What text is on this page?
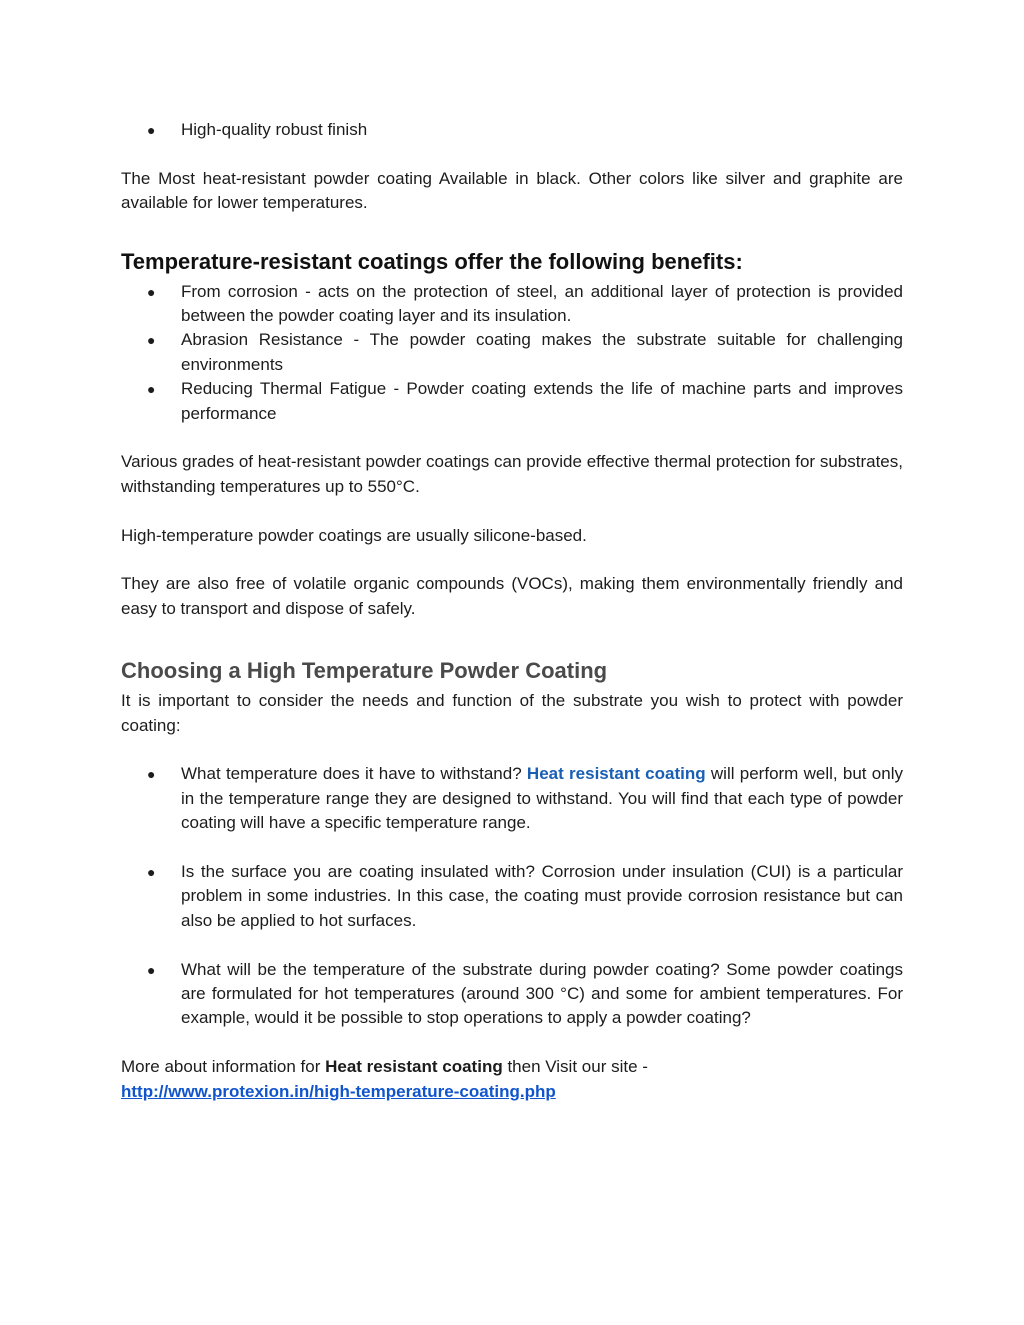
● High-quality robust finish

The Most heat-resistant powder coating Available in black. Other colors like silver and graphite are available for lower temperatures.

Temperature-resistant coatings offer the following benefits:
● From corrosion - acts on the protection of steel, an additional layer of protection is provided between the powder coating layer and its insulation.
● Abrasion Resistance - The powder coating makes the substrate suitable for challenging environments
● Reducing Thermal Fatigue - Powder coating extends the life of machine parts and improves performance

Various grades of heat-resistant powder coatings can provide effective thermal protection for substrates, withstanding temperatures up to 550°C.

High-temperature powder coatings are usually silicone-based.

They are also free of volatile organic compounds (VOCs), making them environmentally friendly and easy to transport and dispose of safely.

Choosing a High Temperature Powder Coating

It is important to consider the needs and function of the substrate you wish to protect with powder coating:

● What temperature does it have to withstand? Heat resistant coating will perform well, but only in the temperature range they are designed to withstand. You will find that each type of powder coating will have a specific temperature range.
● Is the surface you are coating insulated with? Corrosion under insulation (CUI) is a particular problem in some industries. In this case, the coating must provide corrosion resistance but can also be applied to hot surfaces.
● What will be the temperature of the substrate during powder coating? Some powder coatings are formulated for hot temperatures (around 300 °C) and some for ambient temperatures. For example, would it be possible to stop operations to apply a powder coating?

More about information for Heat resistant coating then Visit our site -

http://www.protexion.in/high-temperature-coating.php
